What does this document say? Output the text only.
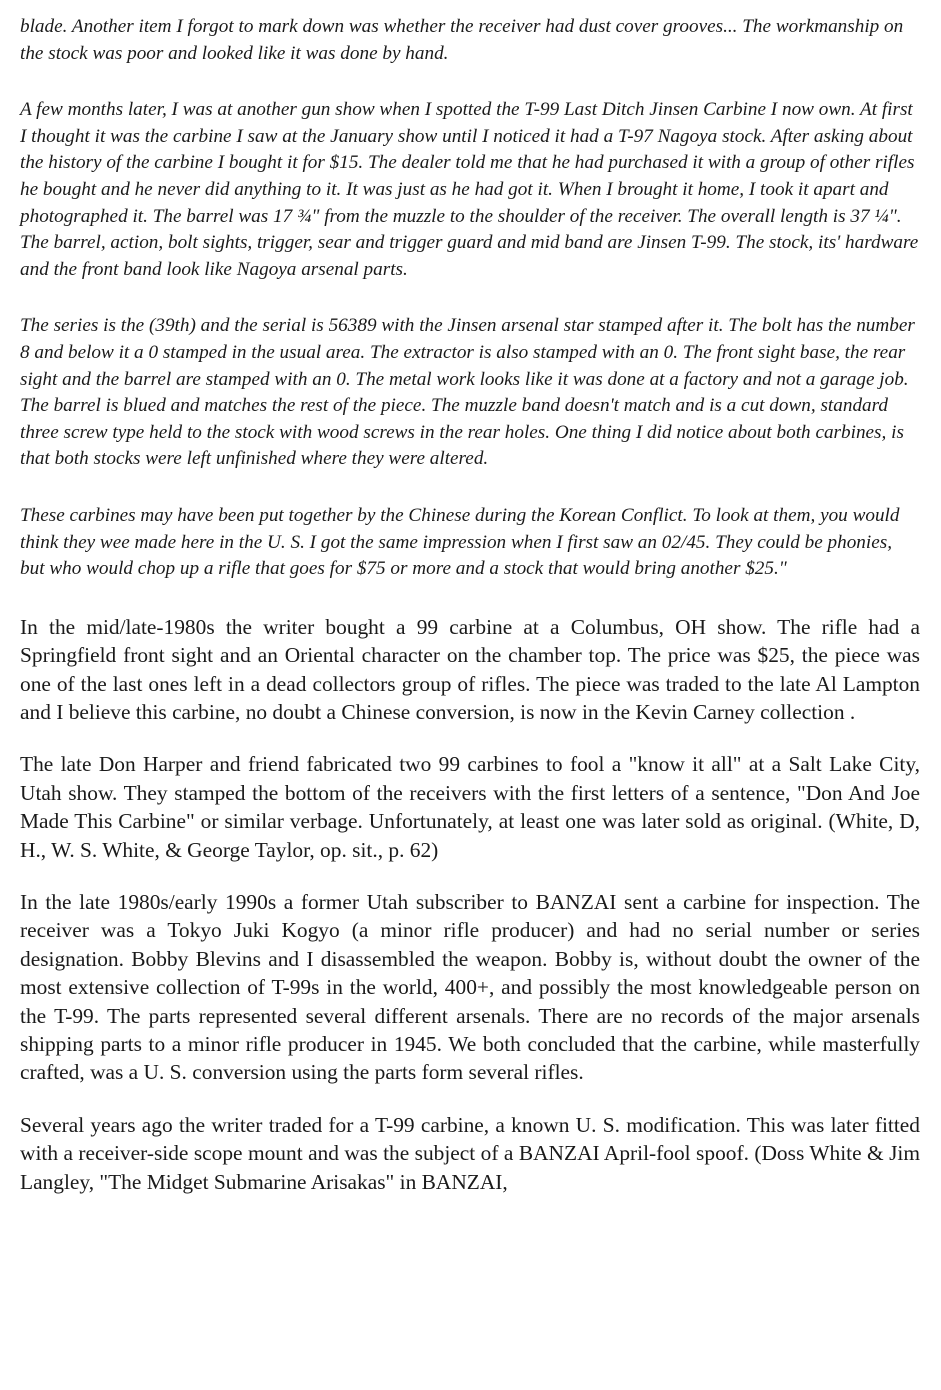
blade. Another item I forgot to mark down was whether the receiver had dust cover grooves... The workmanship on the stock was poor and looked like it was done by hand.

A few months later, I was at another gun show when I spotted the T-99 Last Ditch Jinsen Carbine I now own. At first I thought it was the carbine I saw at the January show until I noticed it had a T-97 Nagoya stock. After asking about the history of the carbine I bought it for $15. The dealer told me that he had purchased it with a group of other rifles he bought and he never did anything to it. It was just as he had got it. When I brought it home, I took it apart and photographed it. The barrel was 17 ¾" from the muzzle to the shoulder of the receiver. The overall length is 37 ¼". The barrel, action, bolt sights, trigger, sear and trigger guard and mid band are Jinsen T-99. The stock, its' hardware and the front band look like Nagoya arsenal parts.

The series is the (39th) and the serial is 56389 with the Jinsen arsenal star stamped after it. The bolt has the number 8 and below it a 0 stamped in the usual area. The extractor is also stamped with an 0. The front sight base, the rear sight and the barrel are stamped with an 0. The metal work looks like it was done at a factory and not a garage job. The barrel is blued and matches the rest of the piece. The muzzle band doesn't match and is a cut down, standard three screw type held to the stock with wood screws in the rear holes. One thing I did notice about both carbines, is that both stocks were left unfinished where they were altered.

These carbines may have been put together by the Chinese during the Korean Conflict. To look at them, you would think they wee made here in the U. S. I got the same impression when I first saw an 02/45. They could be phonies, but who would chop up a rifle that goes for $75 or more and a stock that would bring another $25."

In the mid/late-1980s the writer bought a 99 carbine at a Columbus, OH show. The rifle had a Springfield front sight and an Oriental character on the chamber top. The price was $25, the piece was one of the last ones left in a dead collectors group of rifles. The piece was traded to the late Al Lampton and I believe this carbine, no doubt a Chinese conversion, is now in the Kevin Carney collection .

The late Don Harper and friend fabricated two 99 carbines to fool a "know it all" at a Salt Lake City, Utah show. They stamped the bottom of the receivers with the first letters of a sentence, "Don And Joe Made This Carbine" or similar verbage. Unfortunately, at least one was later sold as original. (White, D, H., W. S. White, & George Taylor, op. sit., p. 62)

In the late 1980s/early 1990s a former Utah subscriber to BANZAI sent a carbine for inspection. The receiver was a Tokyo Juki Kogyo (a minor rifle producer) and had no serial number or series designation. Bobby Blevins and I disassembled the weapon. Bobby is, without doubt the owner of the most extensive collection of T-99s in the world, 400+, and possibly the most knowledgeable person on the T-99. The parts represented several different arsenals. There are no records of the major arsenals shipping parts to a minor rifle producer in 1945. We both concluded that the carbine, while masterfully crafted, was a U. S. conversion using the parts form several rifles.

Several years ago the writer traded for a T-99 carbine, a known U. S. modification. This was later fitted with a receiver-side scope mount and was the subject of a BANZAI April-fool spoof. (Doss White & Jim Langley, "The Midget Submarine Arisakas" in BANZAI,
